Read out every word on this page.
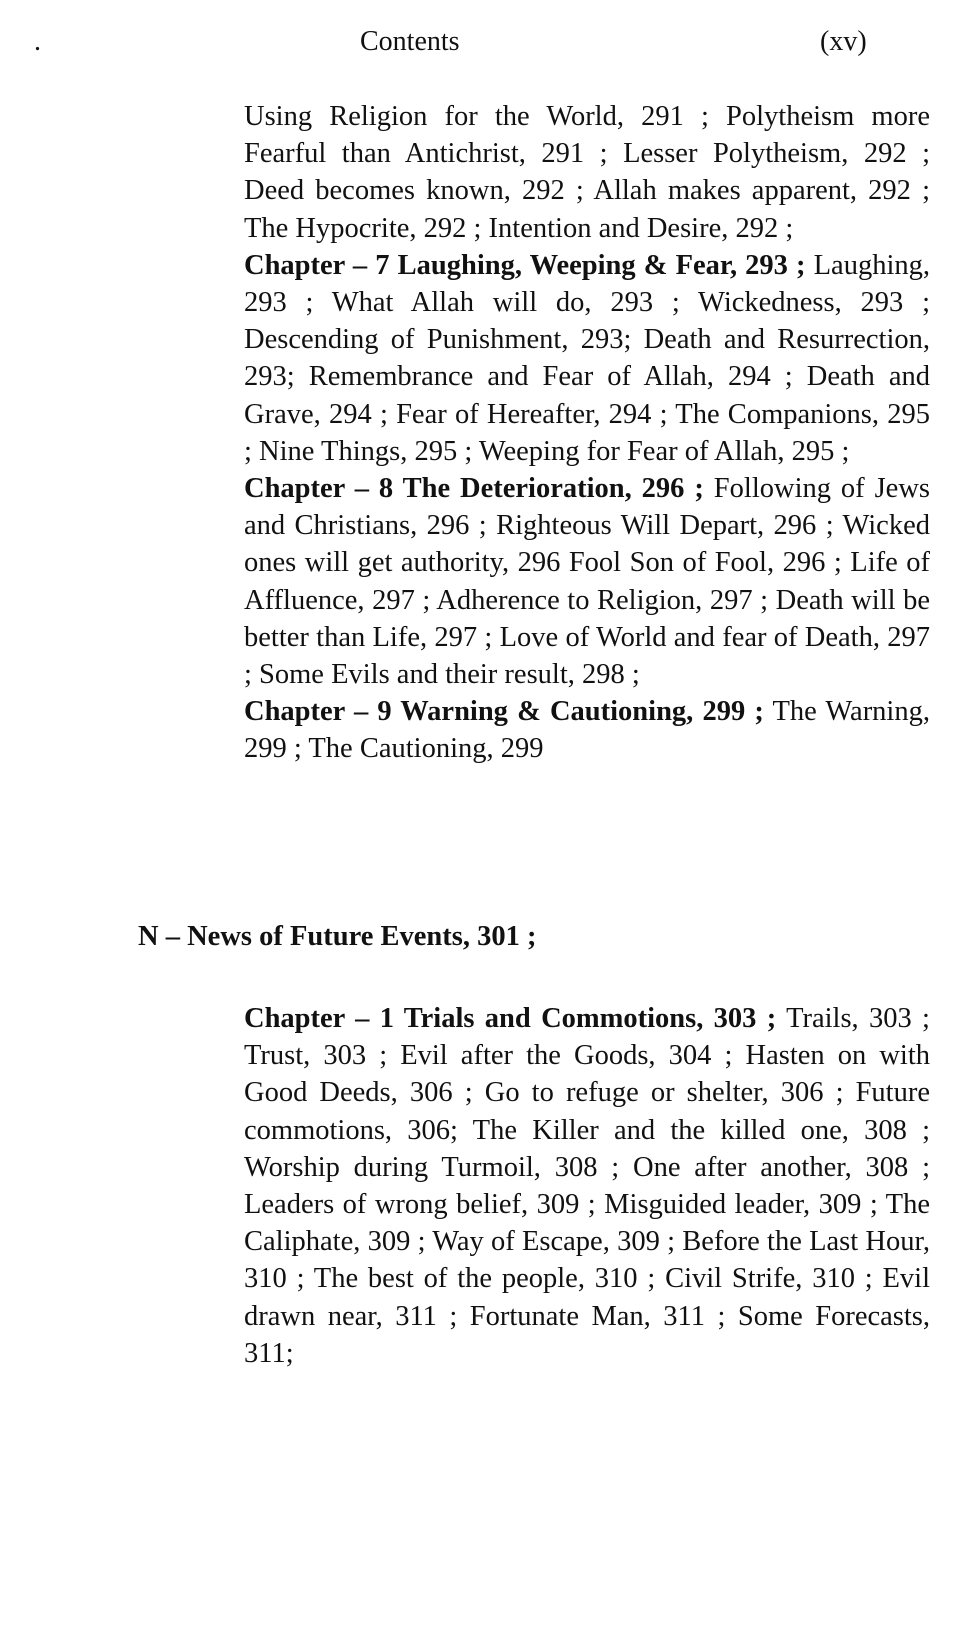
.	Contents	(xv)

Using Religion for the World, 291 ; Polytheism more Fearful than Antichrist, 291 ; Lesser Polytheism, 292 ; Deed becomes known, 292 ; Allah makes apparent, 292 ; The Hypocrite, 292 ; Intention and Desire, 292 ;

Chapter – 7 Laughing, Weeping & Fear, 293 ; Laughing, 293 ; What Allah will do, 293 ; Wickedness, 293 ; Descending of Punishment, 293; Death and Resurrection, 293; Remembrance and Fear of Allah, 294 ; Death and Grave, 294 ; Fear of Hereafter, 294 ; The Companions, 295 ; Nine Things, 295 ; Weeping for Fear of Allah, 295 ;

Chapter – 8 The Deterioration, 296 ; Following of Jews and Christians, 296 ; Righteous Will Depart, 296 ; Wicked ones will get authority, 296 Fool Son of Fool, 296 ; Life of Affluence, 297 ; Adherence to Religion, 297 ; Death will be better than Life, 297 ; Love of World and fear of Death, 297 ; Some Evils and their result, 298 ;

Chapter – 9 Warning & Cautioning, 299 ; The Warning, 299 ; The Cautioning, 299

N – News of Future Events, 301 ;

Chapter – 1 Trials and Commotions, 303 ; Trails, 303 ; Trust, 303 ; Evil after the Goods, 304 ; Hasten on with Good Deeds, 306 ; Go to refuge or shelter, 306 ; Future commotions, 306; The Killer and the killed one, 308 ; Worship during Turmoil, 308 ; One after another, 308 ; Leaders of wrong belief, 309 ; Misguided leader, 309 ; The Caliphate, 309 ; Way of Escape, 309 ; Before the Last Hour, 310 ; The best of the people, 310 ; Civil Strife, 310 ; Evil drawn near, 311 ; Fortunate Man, 311 ; Some Forecasts, 311;
